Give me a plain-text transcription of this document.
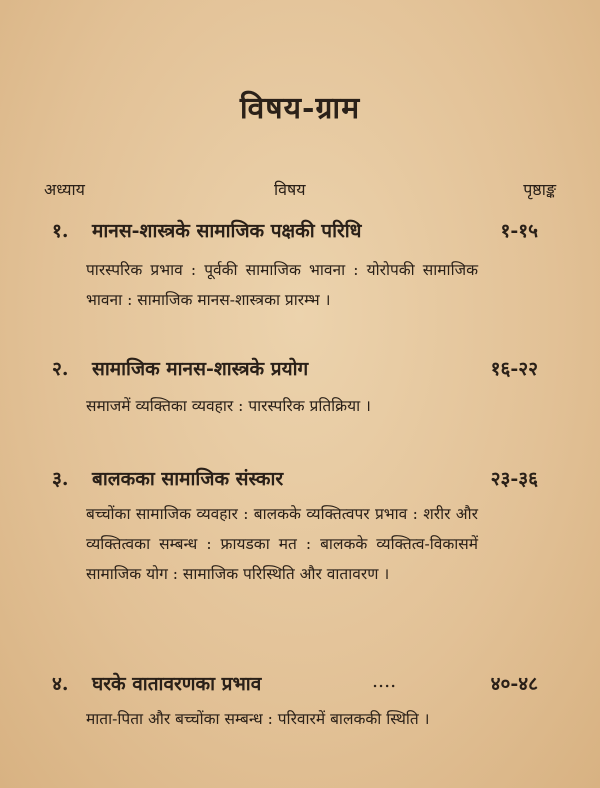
विषय-ग्राम
अध्याय	विषय	पृष्ठाङ्क
१. मानस-शास्त्रके सामाजिक पक्षकी परिधि	१-१५
पारस्परिक प्रभाव : पूर्वकी सामाजिक भावना : योरोपकी सामाजिक भावना : सामाजिक मानस-शास्त्रका प्रारम्भ ।
२. सामाजिक मानस-शास्त्रके प्रयोग	१६-२२
समाजमें व्यक्तिका व्यवहार : पारस्परिक प्रतिक्रिया ।
३. बालकका सामाजिक संस्कार	२३-३६
बच्चोंका सामाजिक व्यवहार : बालकके व्यक्तित्वपर प्रभाव : शरीर और व्यक्तित्वका सम्बन्ध : फ्रायडका मत : बालकके व्यक्तित्व-विकासमें सामाजिक योग : सामाजिक परिस्थिति और वातावरण ।
४. घरके वातावरणका प्रभाव	....	४०-४८
माता-पिता और बच्चोंका सम्बन्ध : परिवारमें बालककी स्थिति ।
